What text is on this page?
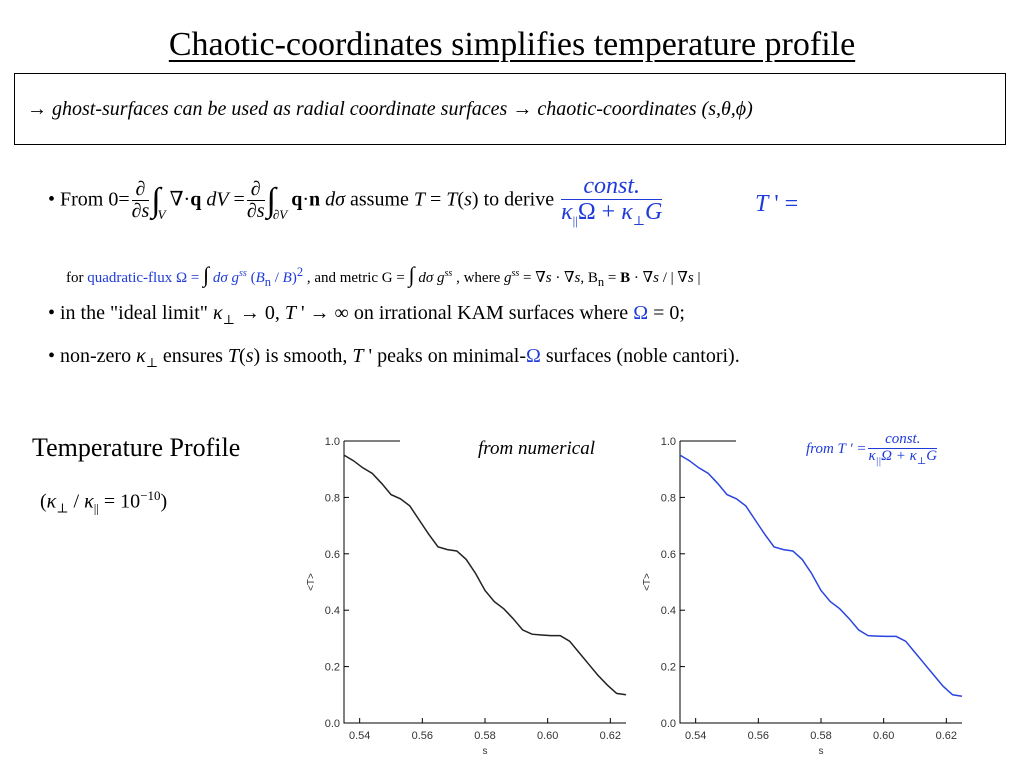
Chaotic-coordinates simplifies temperature profile
→ ghost-surfaces can be used as radial coordinate surfaces → chaotic-coordinates (s,θ,ϕ)
• From $0= \frac{\partial}{\partial s} \int_V\nabla\cdot q$ dV = $\frac{\partial}{\partial s} \int_{\partial V}q\cdot n$ dσ assume T = T(s) to derive $\frac{\text{const.}}{\kappa_{||}\Omega + \kappa_\perp G}$	T ' =
for quadratic-flux Ω = ∫ dσ $g^{ss}$ $(B_n / B)^2$ , and metric G = ∫ dσ $g^{ss}$ , where $g^{ss} = \nabla s \cdot \nabla s$, $B_n = B \cdot \nabla s$ / | ∇s |
• in the "ideal limit" $\kappa_\perp \to 0$, T ' → ∞ on irrational KAM surfaces where Ω = 0;
• non-zero $\kappa_\perp$ ensures T(s) is smooth, T ' peaks on minimal-Ω surfaces (noble cantori).
Temperature Profile
$(\kappa_\perp / \kappa_{||} = 10^{-10})$
from numerical	from T ' = $\frac{\text{const.}}{\kappa_{||}\Omega + \kappa_\perp G}$
0.0
0.2
0.4
0.6
0.8
1.0
0.54	0.56	0.58	0.60	0.62
s
<T>
0.0
0.2
0.4
0.6
0.8
1.0
0.54	0.56	0.58	0.60	0.62
s
<T>
